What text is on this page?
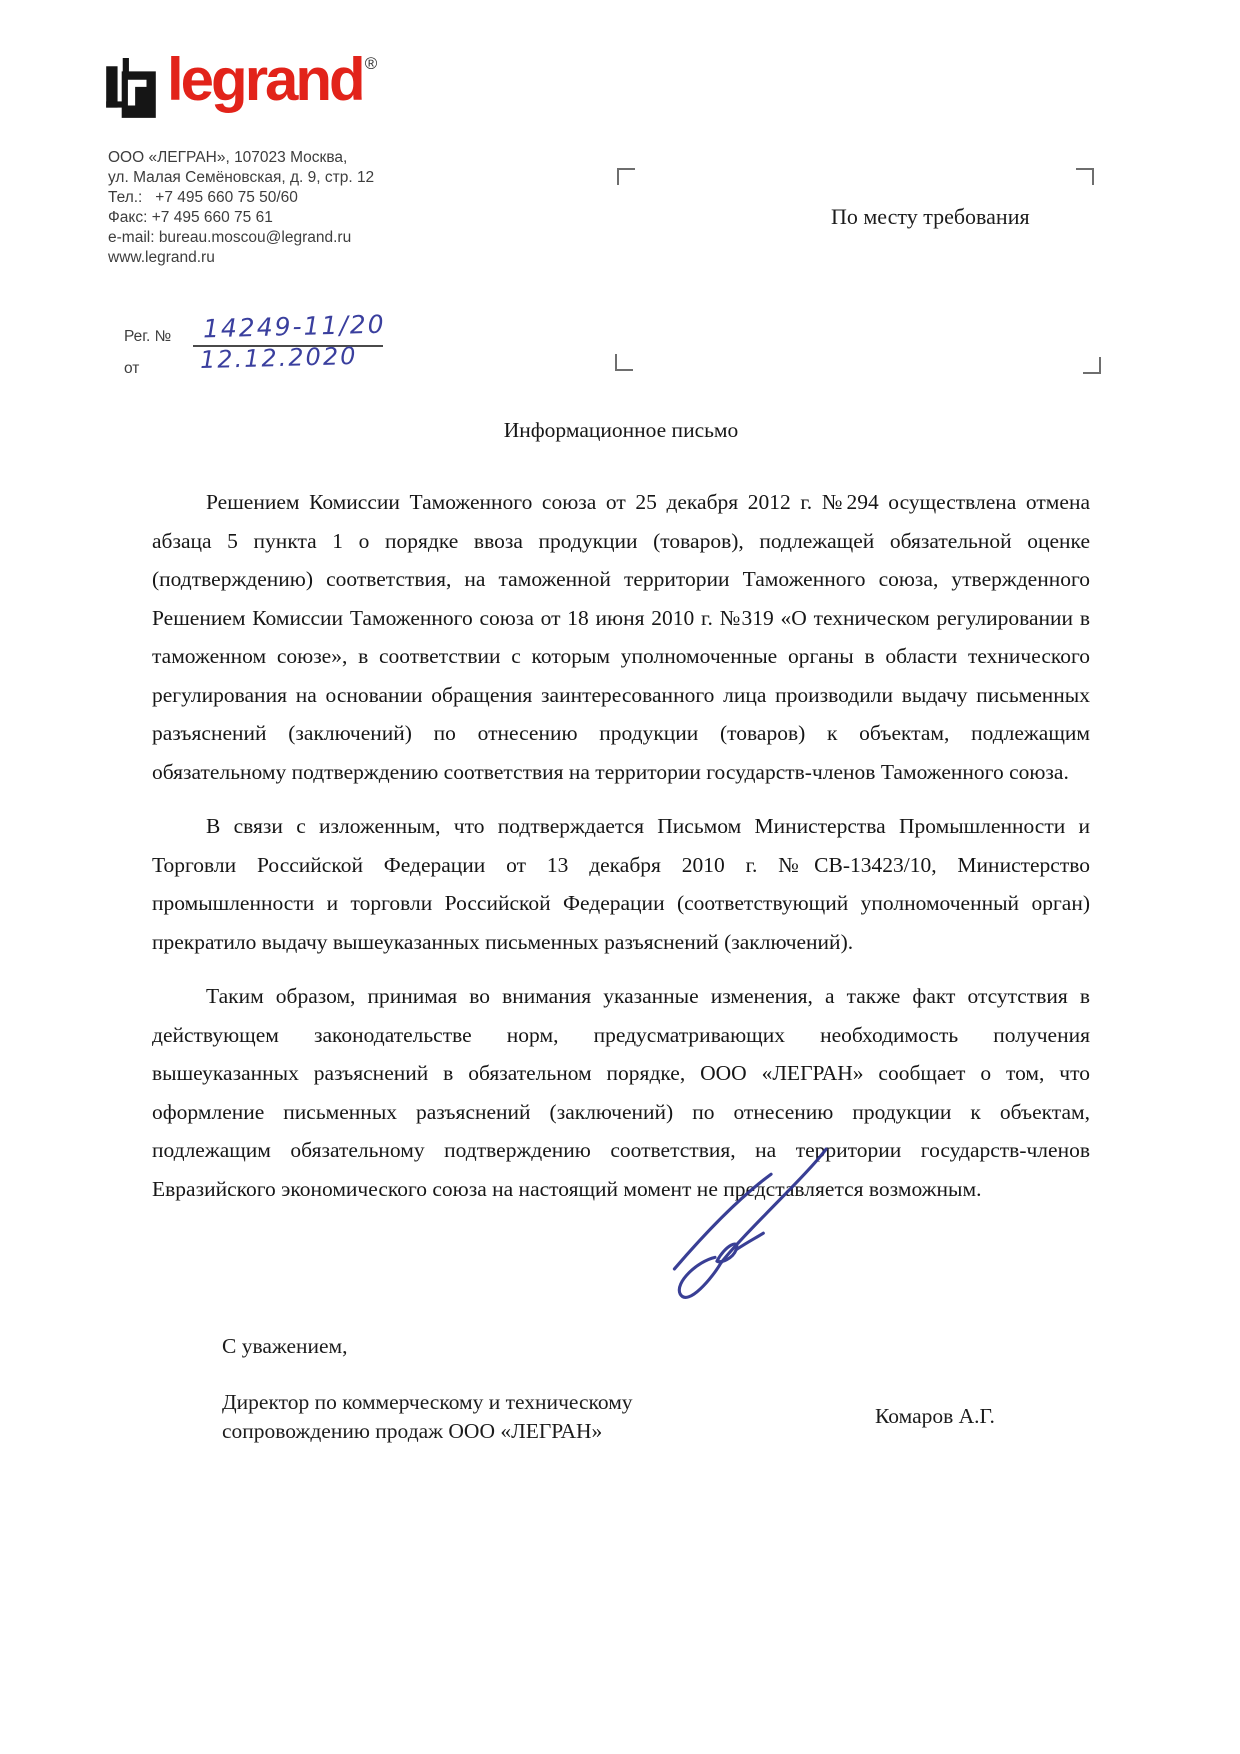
legrand ®
ООО «ЛЕГРАН», 107023 Москва,
ул. Малая Семёновская, д. 9, стр. 12
Тел.:   +7 495 660 75 50/60
Факс: +7 495 660 75 61
e-mail: bureau.moscou@legrand.ru
www.legrand.ru
Рег. № 14249-11/20
от	12.12.2020
По месту требования
Информационное письмо

Решением Комиссии Таможенного союза от 25 декабря 2012 г. №294 осуществлена отмена абзаца 5 пункта 1 о порядке ввоза продукции (товаров), подлежащей обязательной оценке (подтверждению) соответствия, на таможенной территории Таможенного союза, утвержденного Решением Комиссии Таможенного союза от 18 июня 2010 г. №319 «О техническом регулировании в таможенном союзе», в соответствии с которым уполномоченные органы в области технического регулирования на основании обращения заинтересованного лица производили выдачу письменных разъяснений (заключений) по отнесению продукции (товаров) к объектам, подлежащим обязательному подтверждению соответствия на территории государств-членов Таможенного союза.

В связи с изложенным, что подтверждается Письмом Министерства Промышленности и Торговли Российской Федерации от 13 декабря 2010 г. №СВ-13423/10, Министерство промышленности и торговли Российской Федерации (соответствующий уполномоченный орган) прекратило выдачу вышеуказанных письменных разъяснений (заключений).

Таким образом, принимая во внимания указанные изменения, а также факт отсутствия в действующем законодательстве норм, предусматривающих необходимость получения вышеуказанных разъяснений в обязательном порядке, ООО «ЛЕГРАН» сообщает о том, что оформление письменных разъяснений (заключений) по отнесению продукции к объектам, подлежащим обязательному подтверждению соответствия, на территории государств-членов Евразийского экономического союза на настоящий момент не представляется возможным.

С уважением,
Директор по коммерческому и техническому
сопровождению продаж ООО «ЛЕГРАН»
Комаров А.Г.
